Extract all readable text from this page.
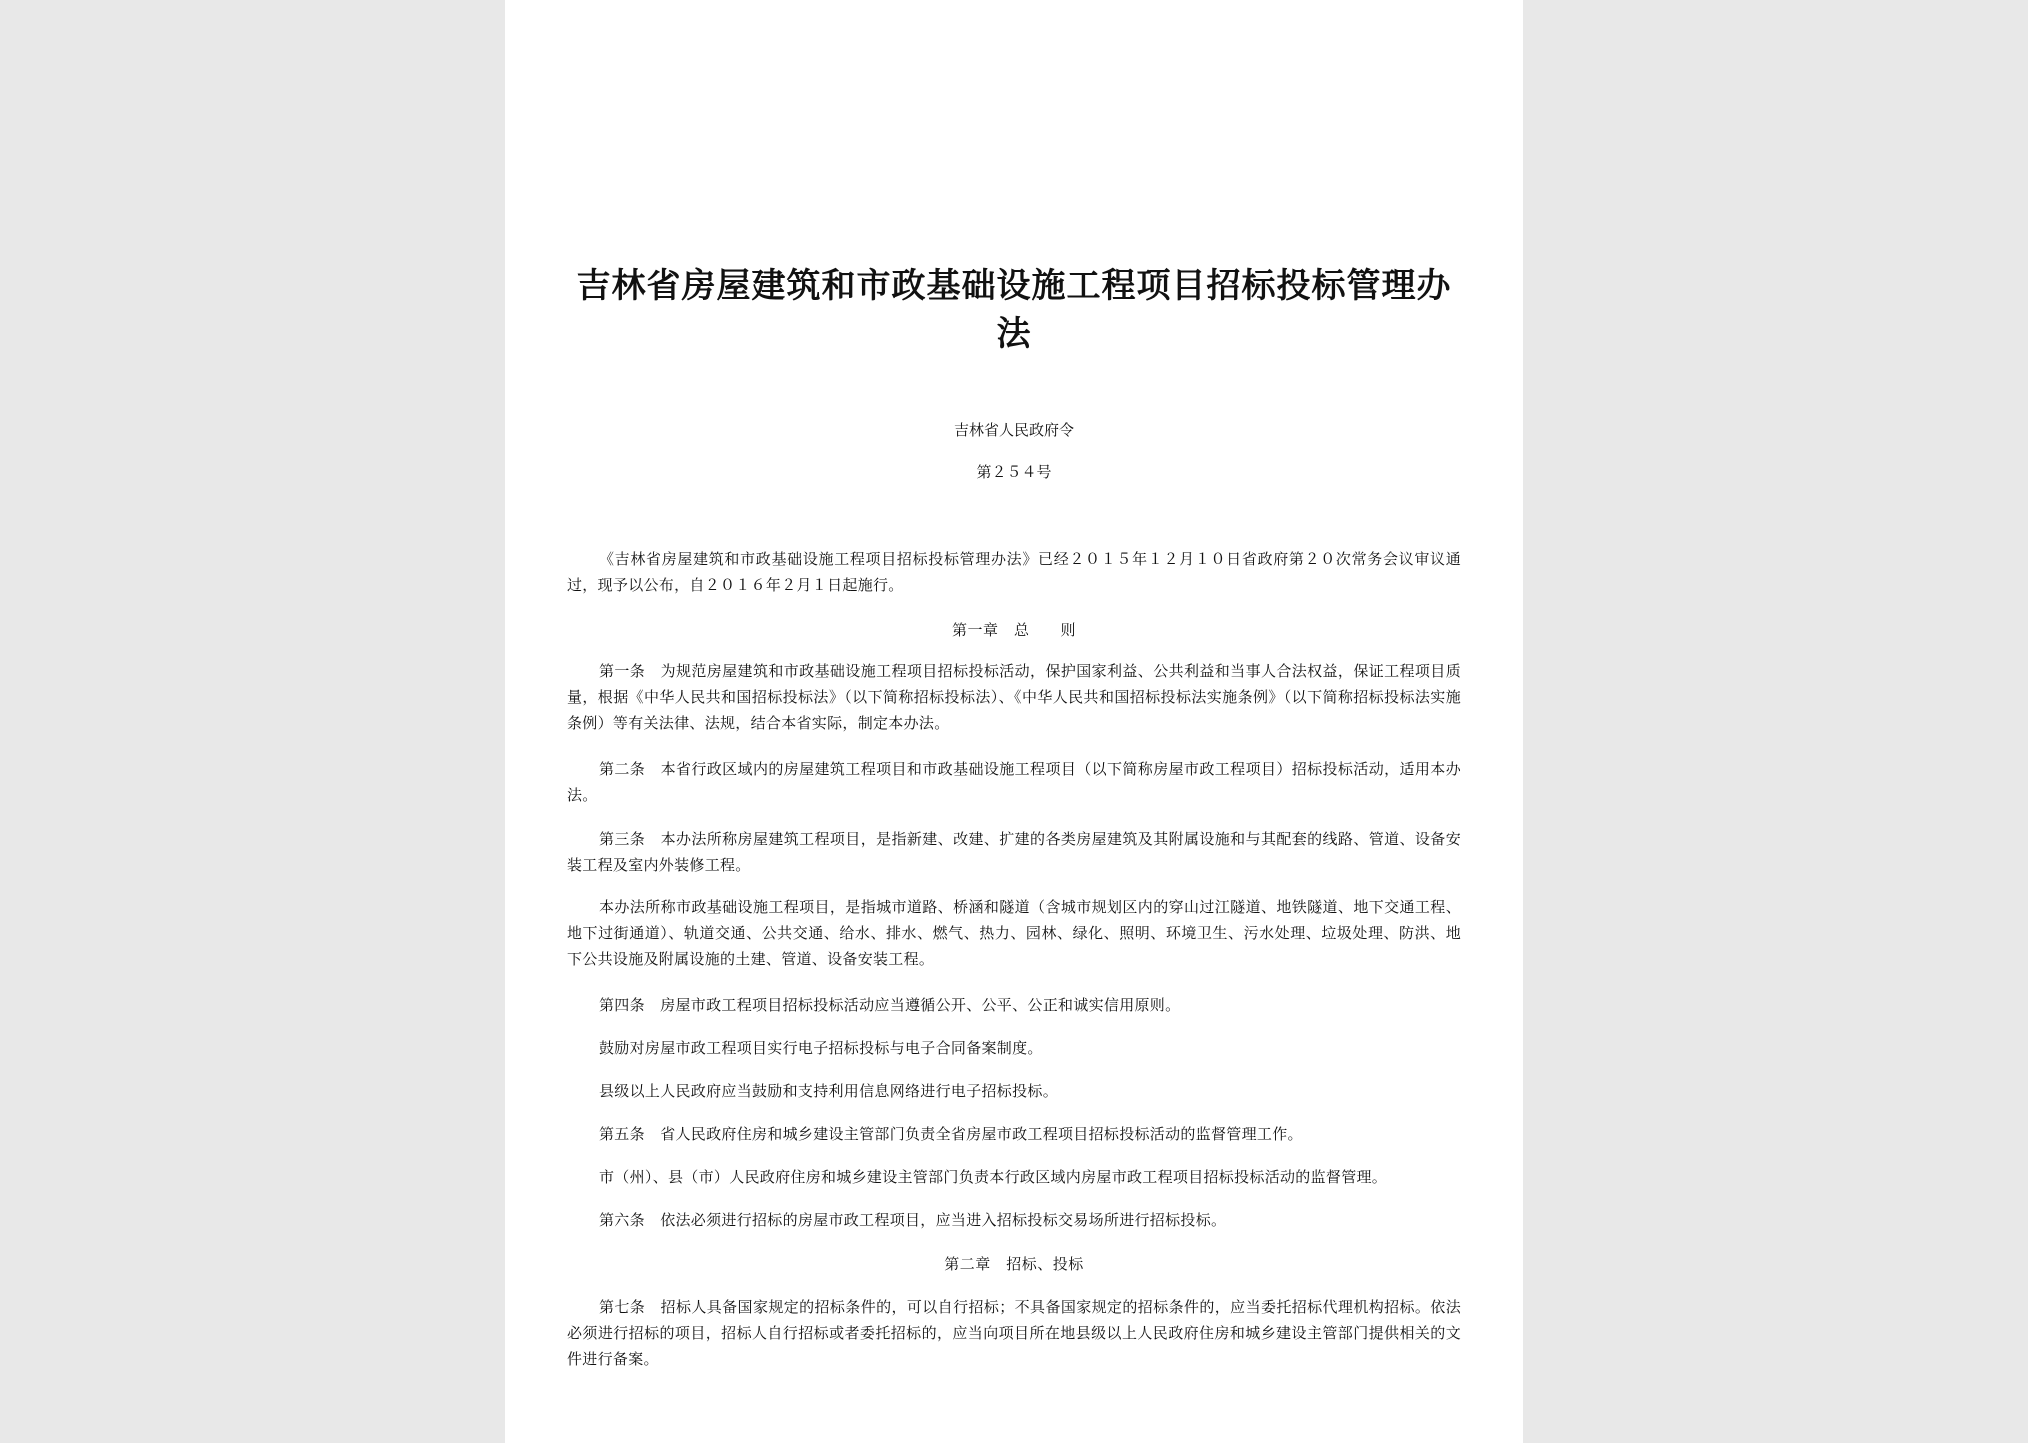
吉林省房屋建筑和市政基础设施工程项目招标投标管理办法

吉林省人民政府令

第２５４号

《吉林省房屋建筑和市政基础设施工程项目招标投标管理办法》已经２０１５年１２月１０日省政府第２０次常务会议审议通过，现予以公布，自２０１６年２月１日起施行。

第一章　总　　则

第一条　为规范房屋建筑和市政基础设施工程项目招标投标活动，保护国家利益、公共利益和当事人合法权益，保证工程项目质量，根据《中华人民共和国招标投标法》（以下简称招标投标法）、《中华人民共和国招标投标法实施条例》（以下简称招标投标法实施条例）等有关法律、法规，结合本省实际，制定本办法。

第二条　本省行政区域内的房屋建筑工程项目和市政基础设施工程项目（以下简称房屋市政工程项目）招标投标活动，适用本办法。

第三条　本办法所称房屋建筑工程项目，是指新建、改建、扩建的各类房屋建筑及其附属设施和与其配套的线路、管道、设备安装工程及室内外装修工程。

本办法所称市政基础设施工程项目，是指城市道路、桥涵和隧道（含城市规划区内的穿山过江隧道、地铁隧道、地下交通工程、地下过街通道）、轨道交通、公共交通、给水、排水、燃气、热力、园林、绿化、照明、环境卫生、污水处理、垃圾处理、防洪、地下公共设施及附属设施的土建、管道、设备安装工程。

第四条　房屋市政工程项目招标投标活动应当遵循公开、公平、公正和诚实信用原则。

鼓励对房屋市政工程项目实行电子招标投标与电子合同备案制度。

县级以上人民政府应当鼓励和支持利用信息网络进行电子招标投标。

第五条　省人民政府住房和城乡建设主管部门负责全省房屋市政工程项目招标投标活动的监督管理工作。

市（州）、县（市）人民政府住房和城乡建设主管部门负责本行政区域内房屋市政工程项目招标投标活动的监督管理。

第六条　依法必须进行招标的房屋市政工程项目，应当进入招标投标交易场所进行招标投标。

第二章　招标、投标

第七条　招标人具备国家规定的招标条件的，可以自行招标；不具备国家规定的招标条件的，应当委托招标代理机构招标。依法必须进行招标的项目，招标人自行招标或者委托招标的，应当向项目所在地县级以上人民政府住房和城乡建设主管部门提供相关的文件进行备案。
